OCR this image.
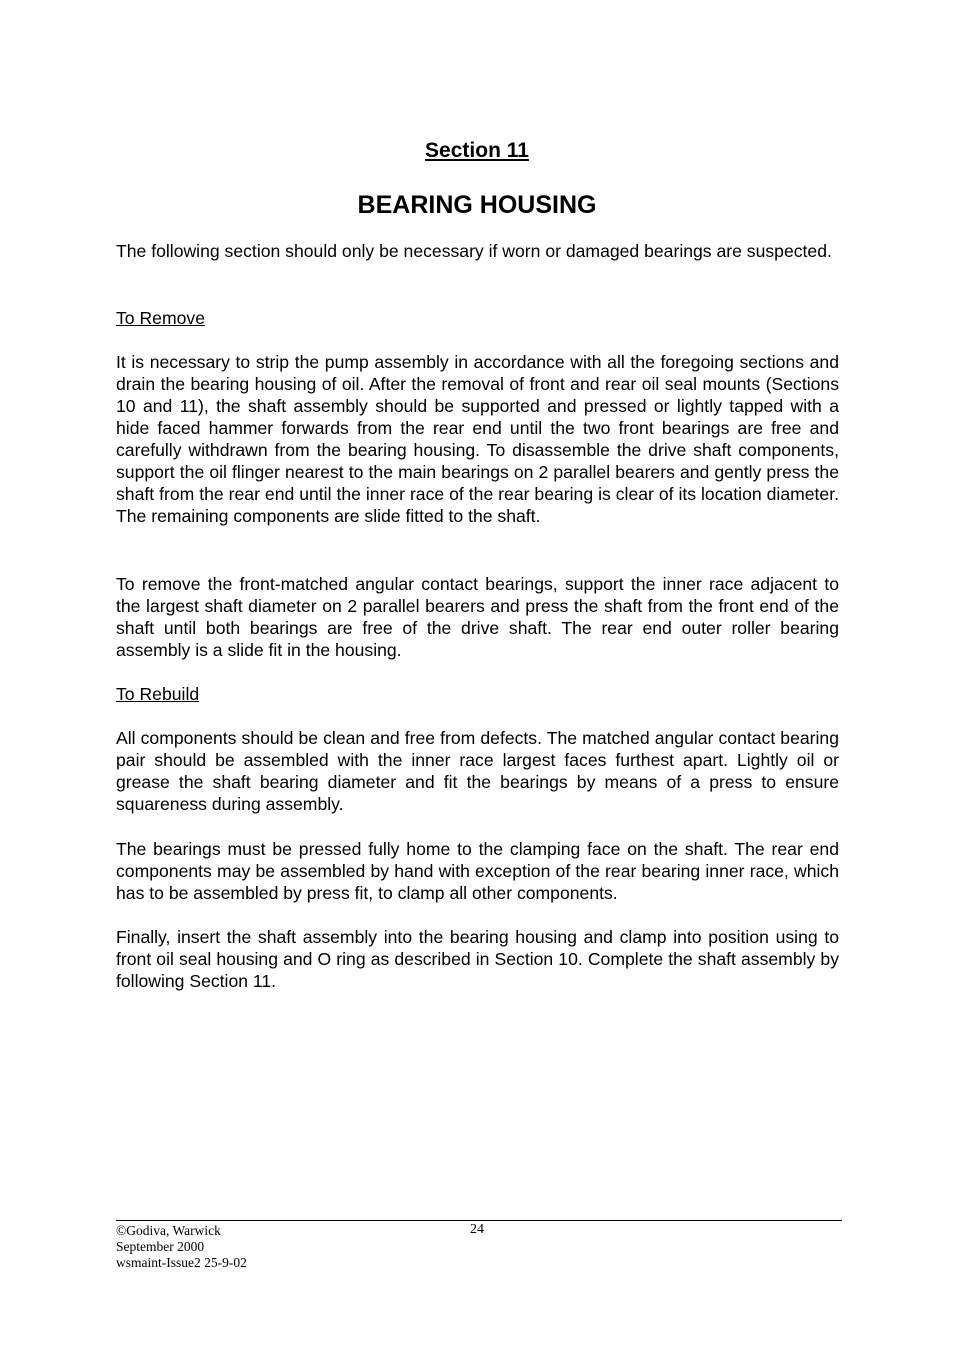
Section 11
BEARING HOUSING

The following section should only be necessary if worn or damaged bearings are suspected.

To Remove

It is necessary to strip the pump assembly in accordance with all the foregoing sections and drain the bearing housing of oil. After the removal of front and rear oil seal mounts (Sections 10 and 11), the shaft assembly should be supported and pressed or lightly tapped with a hide faced hammer forwards from the rear end until the two front bearings are free and carefully withdrawn from the bearing housing. To disassemble the drive shaft components, support the oil flinger nearest to the main bearings on 2 parallel bearers and gently press the shaft from the rear end until the inner race of the rear bearing is clear of its location diameter. The remaining components are slide fitted to the shaft.

To remove the front-matched angular contact bearings, support the inner race adjacent to the largest shaft diameter on 2 parallel bearers and press the shaft from the front end of the shaft until both bearings are free of the drive shaft. The rear end outer roller bearing assembly is a slide fit in the housing.

To Rebuild

All components should be clean and free from defects. The matched angular contact bearing pair should be assembled with the inner race largest faces furthest apart. Lightly oil or grease the shaft bearing diameter and fit the bearings by means of a press to ensure squareness during assembly.

The bearings must be pressed fully home to the clamping face on the shaft. The rear end components may be assembled by hand with exception of the rear bearing inner race, which has to be assembled by press fit, to clamp all other components.

Finally, insert the shaft assembly into the bearing housing and clamp into position using to front oil seal housing and O ring as described in Section 10. Complete the shaft assembly by following Section 11.

©Godiva, Warwick
September 2000
wsmaint-Issue2 25-9-02
24
